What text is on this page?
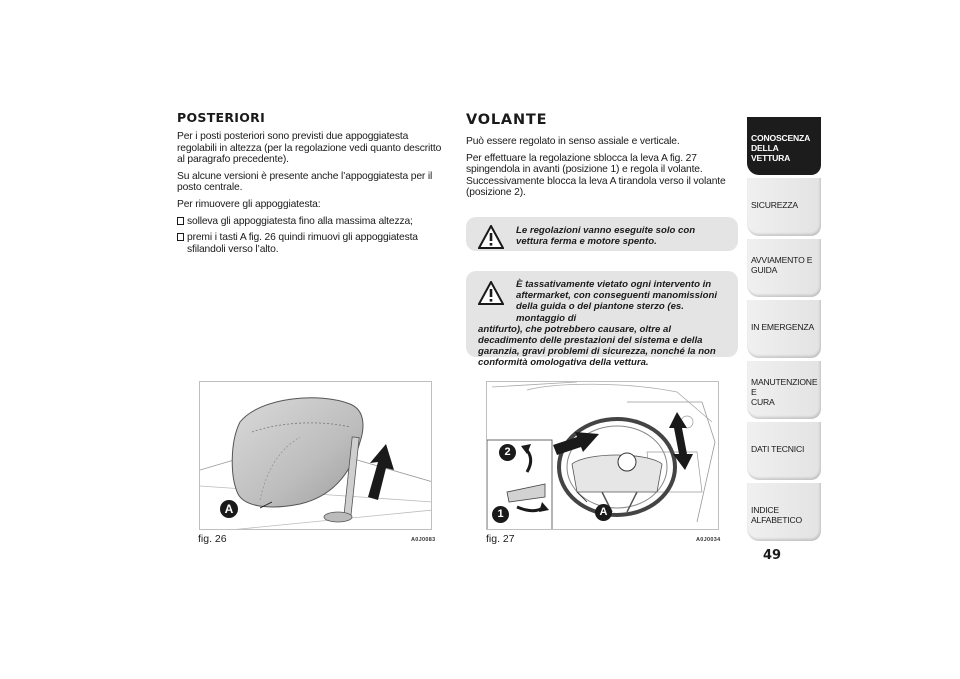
POSTERIORI
Per i posti posteriori sono previsti due appoggiatesta regolabili in altezza (per la regolazione vedi quanto descritto al paragrafo precedente).
Su alcune versioni è presente anche l’appoggiatesta per il posto centrale.
Per rimuovere gli appoggiatesta:
solleva gli appoggiatesta fino alla massima altezza;
premi i tasti A fig. 26 quindi rimuovi gli appoggiatesta sfilandoli verso l’alto.
VOLANTE
Può essere regolato in senso assiale e verticale.
Per effettuare la regolazione sblocca la leva A fig. 27 spingendola in avanti (posizione 1) e regola il volante. Successivamente blocca la leva A tirandola verso il volante (posizione 2).
Le regolazioni vanno eseguite solo con vettura ferma e motore spento.
È tassativamente vietato ogni intervento in aftermarket, con conseguenti manomissioni della guida o del piantone sterzo (es. montaggio di
antifurto), che potrebbero causare, oltre al decadimento delle prestazioni del sistema e della garanzia, gravi problemi di sicurezza, nonché la non conformità omologativa della vettura.
A
fig. 26	A0J0083
2
1	A
fig. 27	A0J0034
CONOSCENZA
DELLA VETTURA
SICUREZZA
AVVIAMENTO E
GUIDA
IN EMERGENZA
MANUTENZIONE E
CURA
DATI TECNICI
INDICE ALFABETICO
49
